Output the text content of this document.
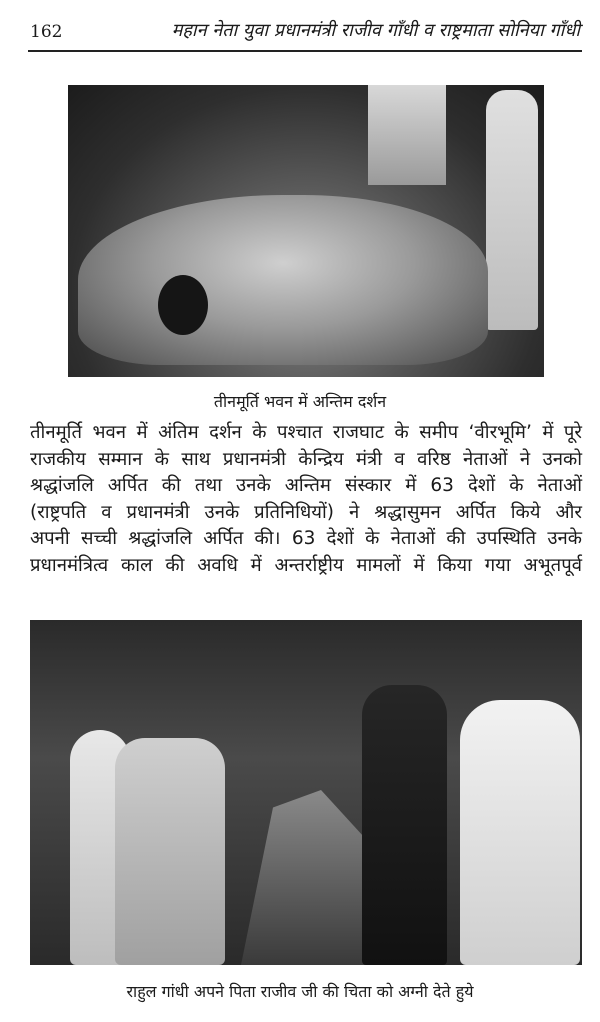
162	महान नेता युवा प्रधानमंत्री राजीव गाँधी व राष्ट्रमाता सोनिया गाँधी
तीनमूर्ति भवन में अन्तिम दर्शन
तीनमूर्ति भवन में अंतिम दर्शन के पश्चात राजघाट के समीप ‘वीरभूमि’ में पूरे
राजकीय सम्मान के साथ प्रधानमंत्री केन्द्रिय मंत्री व वरिष्ठ नेताओं ने उनको
श्रद्धांजलि अर्पित की तथा उनके अन्तिम संस्कार में 63 देशों के नेताओं
(राष्ट्रपति व प्रधानमंत्री उनके प्रतिनिधियों) ने श्रद्धासुमन अर्पित किये और
अपनी सच्ची श्रद्धांजलि अर्पित की। 63 देशों के नेताओं की उपस्थिति उनके
प्रधानमंत्रित्व काल की अवधि में अन्तर्राष्ट्रीय मामलों में किया गया अभूतपूर्व
राहुल गांधी अपने पिता राजीव जी की चिता को अग्नी देते हुये
